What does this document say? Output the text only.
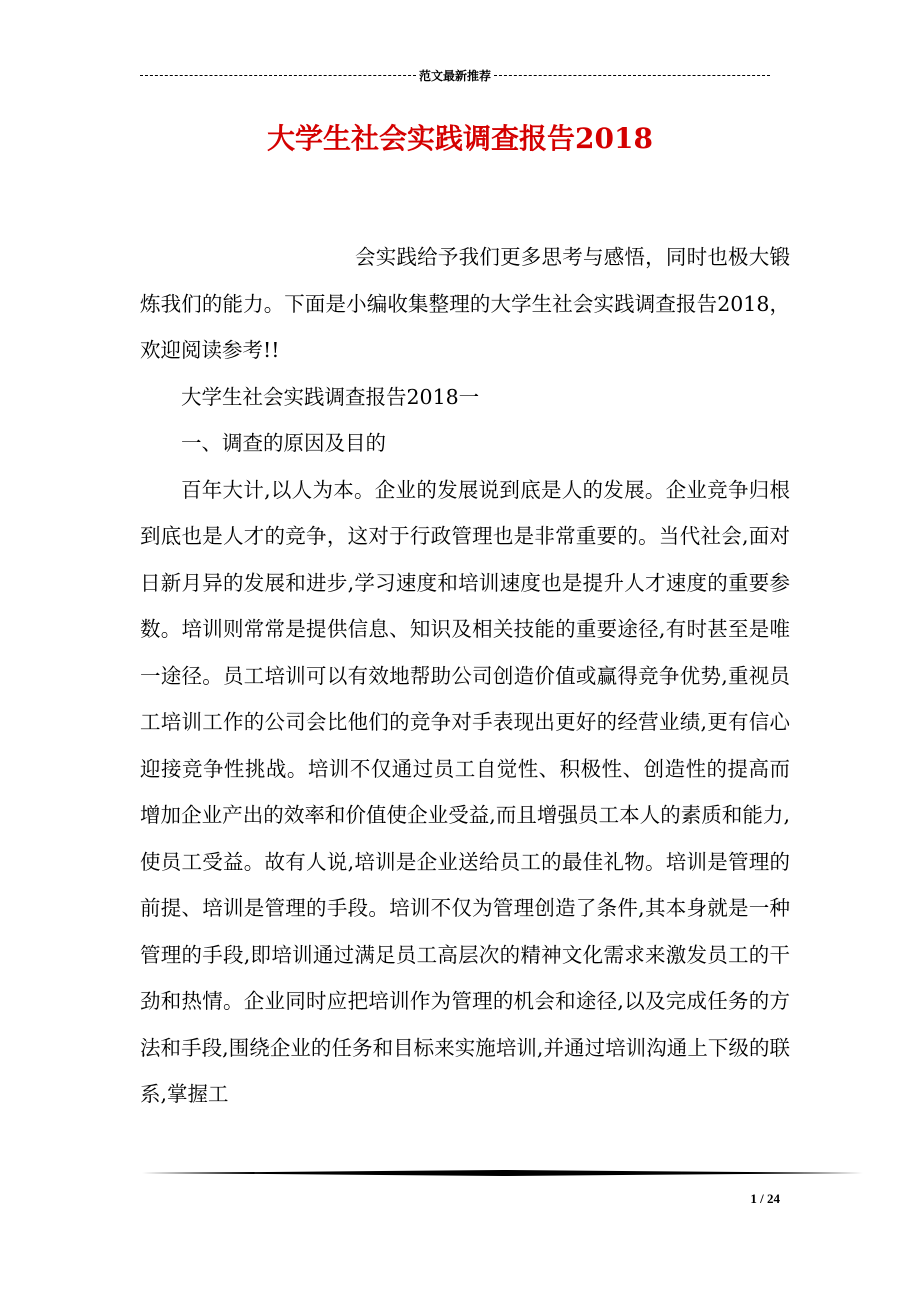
范文最新推荐
大学生社会实践调查报告2018

会实践给予我们更多思考与感悟，同时也极大锻炼我们的能力。下面是小编收集整理的大学生社会实践调查报告2018，欢迎阅读参考!!

大学生社会实践调查报告2018一

一、调查的原因及目的

百年大计,以人为本。企业的发展说到底是人的发展。企业竞争归根到底也是人才的竞争，这对于行政管理也是非常重要的。当代社会,面对日新月异的发展和进步,学习速度和培训速度也是提升人才速度的重要参数。培训则常常是提供信息、知识及相关技能的重要途径,有时甚至是唯一途径。员工培训可以有效地帮助公司创造价值或赢得竞争优势,重视员工培训工作的公司会比他们的竞争对手表现出更好的经营业绩,更有信心迎接竞争性挑战。培训不仅通过员工自觉性、积极性、创造性的提高而增加企业产出的效率和价值使企业受益,而且增强员工本人的素质和能力,使员工受益。故有人说,培训是企业送给员工的最佳礼物。培训是管理的前提、培训是管理的手段。培训不仅为管理创造了条件,其本身就是一种管理的手段,即培训通过满足员工高层次的精神文化需求来激发员工的干劲和热情。企业同时应把培训作为管理的机会和途径,以及完成任务的方法和手段,围绕企业的任务和目标来实施培训,并通过培训沟通上下级的联系,掌握工

1 / 24
